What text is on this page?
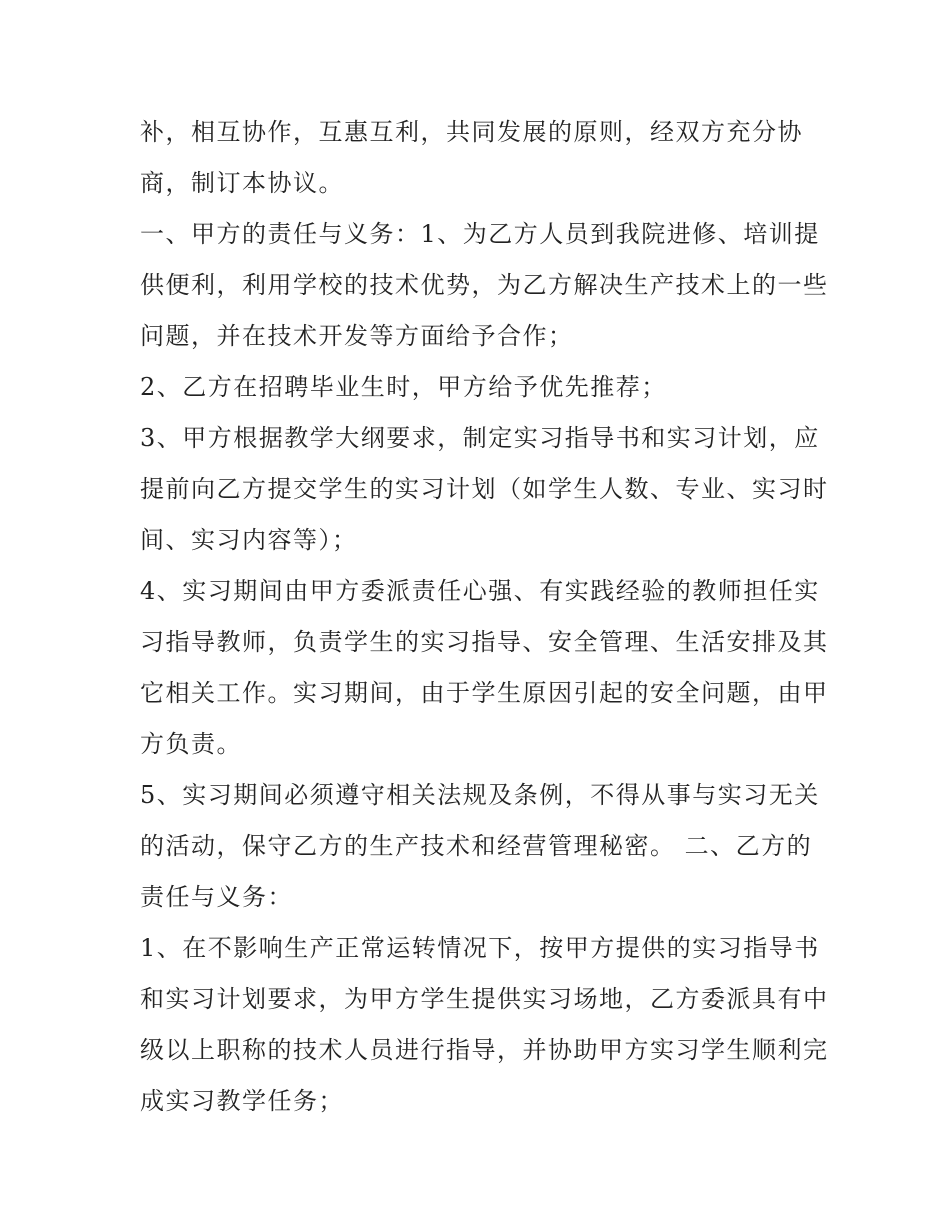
补，相互协作，互惠互利，共同发展的原则，经双方充分协
商，制订本协议。
一、甲方的责任与义务：1、为乙方人员到我院进修、培训提
供便利，利用学校的技术优势，为乙方解决生产技术上的一些
问题，并在技术开发等方面给予合作；
2、乙方在招聘毕业生时，甲方给予优先推荐；
3、甲方根据教学大纲要求，制定实习指导书和实习计划，应
提前向乙方提交学生的实习计划（如学生人数、专业、实习时
间、实习内容等）；
4、实习期间由甲方委派责任心强、有实践经验的教师担任实
习指导教师，负责学生的实习指导、安全管理、生活安排及其
它相关工作。实习期间，由于学生原因引起的安全问题，由甲
方负责。
5、实习期间必须遵守相关法规及条例，不得从事与实习无关
的活动，保守乙方的生产技术和经营管理秘密。 二、乙方的
责任与义务：
1、在不影响生产正常运转情况下，按甲方提供的实习指导书
和实习计划要求，为甲方学生提供实习场地，乙方委派具有中
级以上职称的技术人员进行指导，并协助甲方实习学生顺利完
成实习教学任务；
